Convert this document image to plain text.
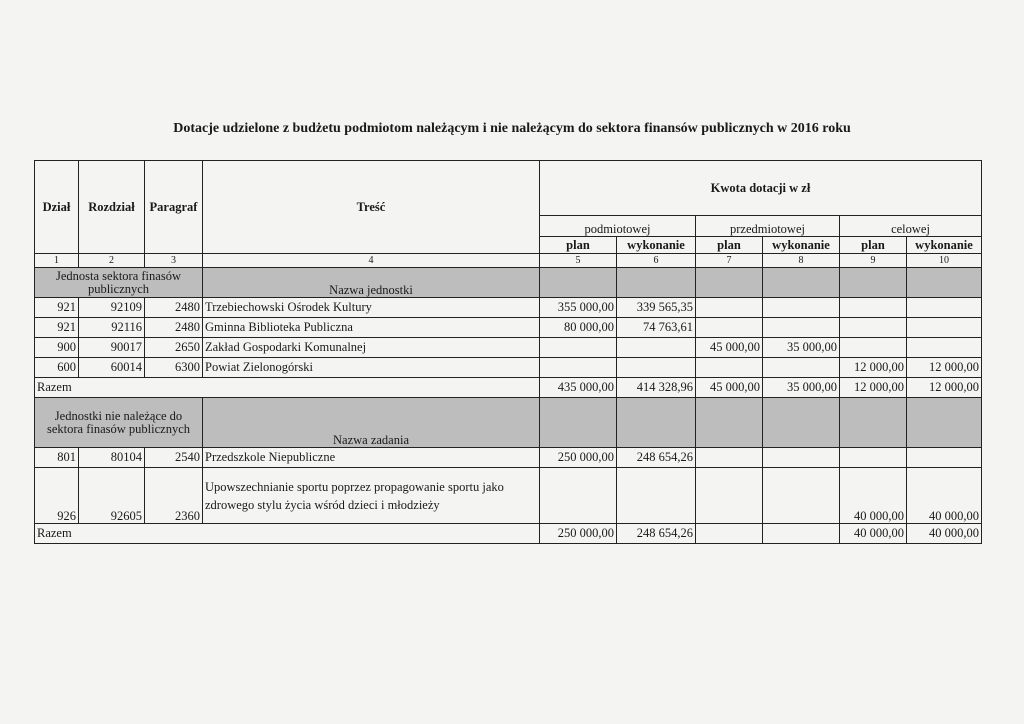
Dotacje udzielone z budżetu podmiotom należącym i nie należącym do sektora finansów publicznych w 2016 roku
Dział	Rozdział	Paragraf	Treść	Kwota dotacji w zł					
				podmiotowej		przedmiotowej		celowej	
				plan	wykonanie	plan	wykonanie	plan	wykonanie
1	2	3	4	5	6	7	8	9	10
Jednosta sektora finasów publicznych			Nazwa jednostki						
921	92109	2480	Trzebiechowski Ośrodek Kultury	355 000,00	339 565,35				
921	92116	2480	Gminna Biblioteka Publiczna	80 000,00	74 763,61				
900	90017	2650	Zakład Gospodarki Komunalnej			45 000,00	35 000,00		
600	60014	6300	Powiat Zielonogórski					12 000,00	12 000,00
Razem				435 000,00	414 328,96	45 000,00	35 000,00	12 000,00	12 000,00
Jednostki nie należące do sektora finasów publicznych			Nazwa zadania						
801	80104	2540	Przedszkole Niepubliczne	250 000,00	248 654,26				
926	92605	2360	Upowszechnianie sportu poprzez propagowanie sportu jako zdrowego stylu życia wśród dzieci i młodzieży					40 000,00	40 000,00
Razem				250 000,00	248 654,26			40 000,00	40 000,00
